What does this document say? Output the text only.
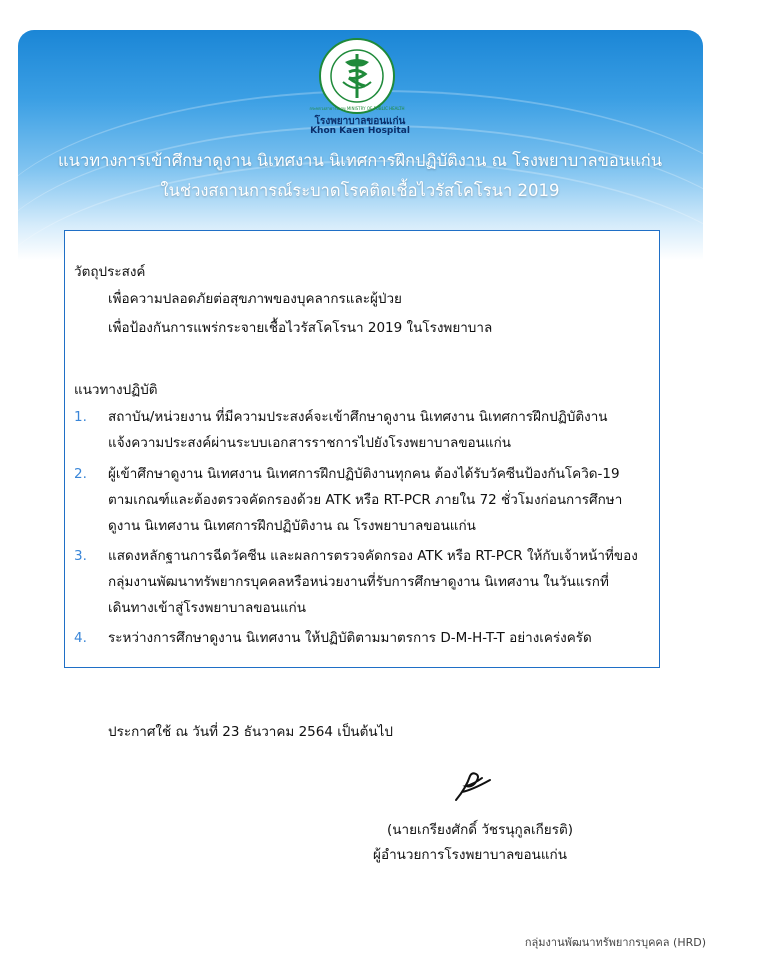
กระทรวงสาธารณสุข MINISTRY OF PUBLIC HEALTH
โรงพยาบาลขอนแก่น
Khon Kaen Hospital
แนวทางการเข้าศึกษาดูงาน นิเทศงาน นิเทศการฝึกปฏิบัติงาน ณ โรงพยาบาลขอนแก่น
ในช่วงสถานการณ์ระบาดโรคติดเชื้อไวรัสโคโรนา 2019
วัตถุประสงค์
เพื่อความปลอดภัยต่อสุขภาพของบุคลากรและผู้ป่วย
เพื่อป้องกันการแพร่กระจายเชื้อไวรัสโคโรนา 2019 ในโรงพยาบาล
แนวทางปฏิบัติ
1. สถาบัน/หน่วยงาน ที่มีความประสงค์จะเข้าศึกษาดูงาน นิเทศงาน นิเทศการฝึกปฏิบัติงาน
แจ้งความประสงค์ผ่านระบบเอกสารราชการไปยังโรงพยาบาลขอนแก่น
2. ผู้เข้าศึกษาดูงาน นิเทศงาน นิเทศการฝึกปฏิบัติงานทุกคน ต้องได้รับวัคซีนป้องกันโควิด-19
ตามเกณฑ์และต้องตรวจคัดกรองด้วย ATK หรือ RT-PCR ภายใน 72 ชั่วโมงก่อนการศึกษา
ดูงาน นิเทศงาน นิเทศการฝึกปฏิบัติงาน ณ โรงพยาบาลขอนแก่น
3. แสดงหลักฐานการฉีดวัคซีน และผลการตรวจคัดกรอง ATK หรือ RT-PCR ให้กับเจ้าหน้าที่ของ
กลุ่มงานพัฒนาทรัพยากรบุคคลหรือหน่วยงานที่รับการศึกษาดูงาน นิเทศงาน ในวันแรกที่
เดินทางเข้าสู่โรงพยาบาลขอนแก่น
4. ระหว่างการศึกษาดูงาน นิเทศงาน ให้ปฏิบัติตามมาตรการ D-M-H-T-T อย่างเคร่งครัด
ประกาศใช้ ณ วันที่ 23 ธันวาคม 2564 เป็นต้นไป
(นายเกรียงศักดิ์ วัชรนุกูลเกียรติ)
ผู้อำนวยการโรงพยาบาลขอนแก่น
กลุ่มงานพัฒนาทรัพยากรบุคคล (HRD)
